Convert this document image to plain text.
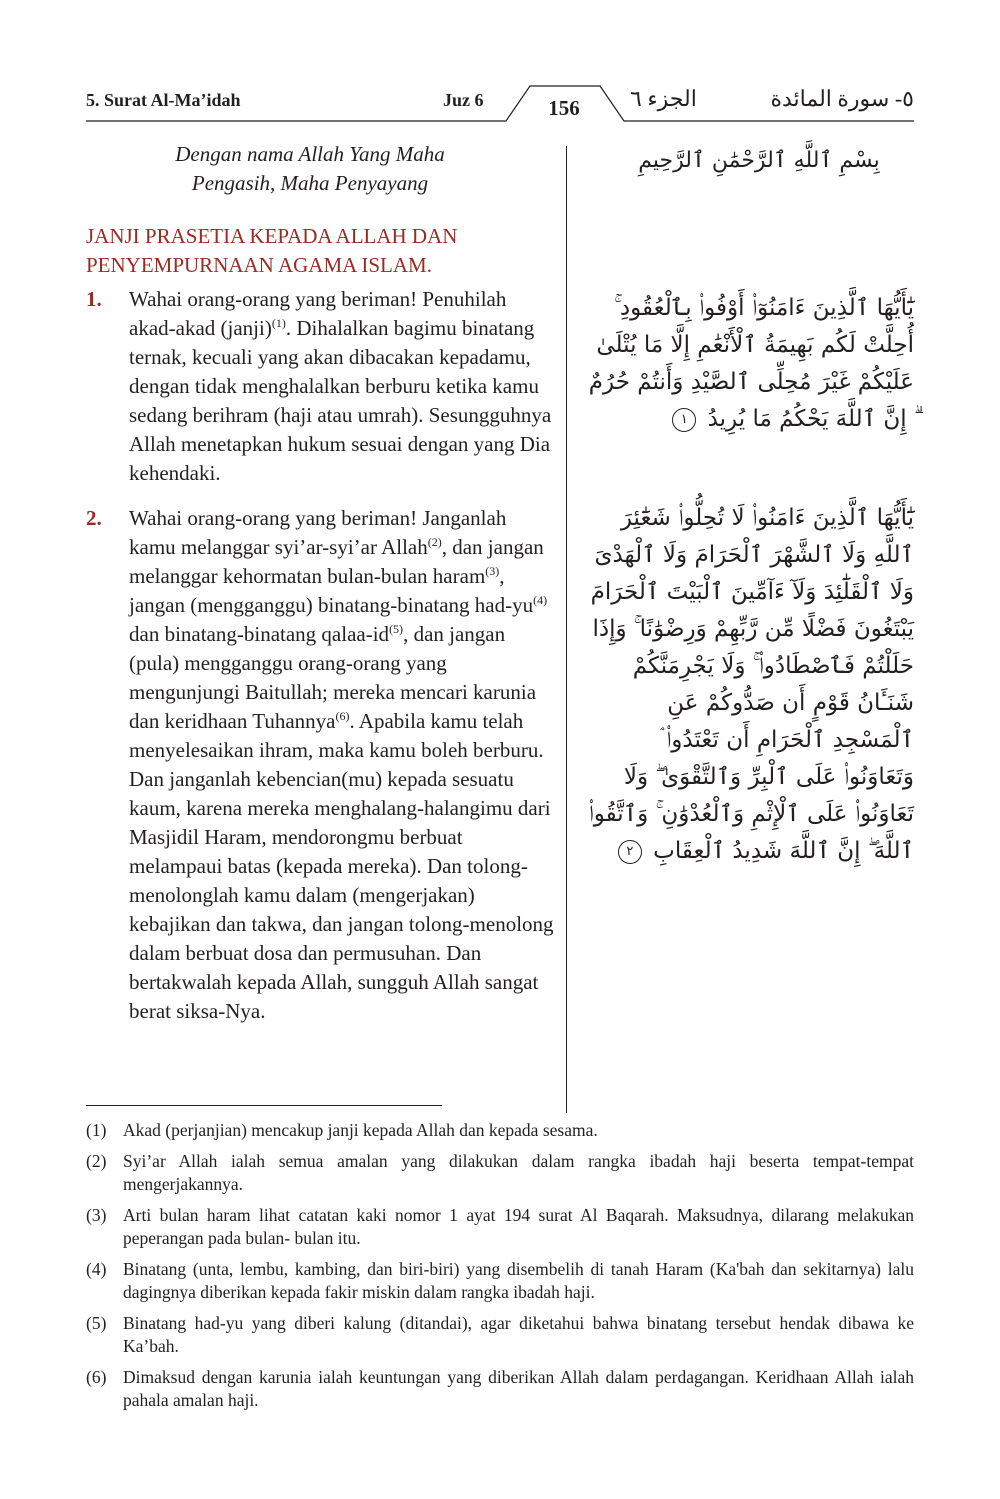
5. Surat Al-Ma’idah	Juz 6	156	الجزء ٦	٥- سورة المائدة
Dengan nama Allah Yang Maha
Pengasih, Maha Penyayang
JANJI PRASETIA KEPADA ALLAH DAN
PENYEMPURNAAN AGAMA ISLAM.
1. Wahai orang-orang yang beriman! Penuhilah akad-akad (janji)$^{(1)}$. Dihalalkan bagimu binatang ternak, kecuali yang akan dibacakan kepadamu, dengan tidak menghalalkan berburu ketika kamu sedang berihram (haji atau umrah). Sesungguhnya Allah menetapkan hukum sesuai dengan yang Dia kehendaki.
2. Wahai orang-orang yang beriman! Janganlah kamu melanggar syi’ar-syi’ar Allah$^{(2)}$, dan jangan melanggar kehormatan bulan-bulan haram$^{(3)}$, jangan (mengganggu) binatang-binatang had-$yu^{(4)}$ dan binatang-binatang qalaa-$id^{(5)}$, dan jangan (pula) mengganggu orang-orang yang mengunjungi Baitullah; mereka mencari karunia dan keridhaan Tuhannya$^{(6)}$. Apabila kamu telah menyelesaikan ihram, maka kamu boleh berburu. Dan janganlah kebencian(mu) kepada sesuatu kaum, karena mereka menghalang-halangimu dari Masjidil Haram, mendorongmu berbuat melampaui batas (kepada mereka). Dan tolong-menolonglah kamu dalam (mengerjakan) kebajikan dan takwa, dan jangan tolong-menolong dalam berbuat dosa dan permusuhan. Dan bertakwalah kepada Allah, sungguh Allah sangat berat siksa-Nya.
بِسْمِ ٱللَّهِ ٱلرَّحْمَٰنِ ٱلرَّحِيمِ
يَٰٓأَيُّهَا ٱلَّذِينَ ءَامَنُوٓا۟ أَوْفُوا۟ بِٱلْعُقُودِ ۚ أُحِلَّتْ لَكُم بَهِيمَةُ ٱلْأَنْعَٰمِ إِلَّا مَا يُتْلَىٰ عَلَيْكُمْ غَيْرَ مُحِلِّى ٱلصَّيْدِ وَأَنتُمْ حُرُمٌ ۗ إِنَّ ٱللَّهَ يَحْكُمُ مَا يُرِيدُ ١
يَٰٓأَيُّهَا ٱلَّذِينَ ءَامَنُوا۟ لَا تُحِلُّوا۟ شَعَٰٓئِرَ ٱللَّهِ وَلَا ٱلشَّهْرَ ٱلْحَرَامَ وَلَا ٱلْهَدْىَ وَلَا ٱلْقَلَٰٓئِدَ وَلَآ ءَآمِّينَ ٱلْبَيْتَ ٱلْحَرَامَ يَبْتَغُونَ فَضْلًا مِّن رَّبِّهِمْ وَرِضْوَٰنًا ۚ وَإِذَا حَلَلْتُمْ فَٱصْطَادُوا۟ ۚ وَلَا يَجْرِمَنَّكُمْ شَنَـَٔانُ قَوْمٍ أَن صَدُّوكُمْ عَنِ ٱلْمَسْجِدِ ٱلْحَرَامِ أَن تَعْتَدُوا۟ ۘ وَتَعَاوَنُوا۟ عَلَى ٱلْبِرِّ وَٱلتَّقْوَىٰ ۖ وَلَا تَعَاوَنُوا۟ عَلَى ٱلْإِثْمِ وَٱلْعُدْوَٰنِ ۚ وَٱتَّقُوا۟ ٱللَّهَ ۖ إِنَّ ٱللَّهَ شَدِيدُ ٱلْعِقَابِ ٢
(1) Akad (perjanjian) mencakup janji kepada Allah dan kepada sesama.
(2) Syi’ar Allah ialah semua amalan yang dilakukan dalam rangka ibadah haji beserta tempat-tempat mengerjakannya.
(3) Arti bulan haram lihat catatan kaki nomor 1 ayat 194 surat Al Baqarah. Maksudnya, dilarang melakukan peperangan pada bulan- bulan itu.
(4) Binatang (unta, lembu, kambing, dan biri-biri) yang disembelih di tanah Haram (Ka'bah dan sekitarnya) lalu dagingnya diberikan kepada fakir miskin dalam rangka ibadah haji.
(5) Binatang had-yu yang diberi kalung (ditandai), agar diketahui bahwa binatang tersebut hendak dibawa ke Ka’bah.
(6) Dimaksud dengan karunia ialah keuntungan yang diberikan Allah dalam perdagangan. Keridhaan Allah ialah pahala amalan haji.
